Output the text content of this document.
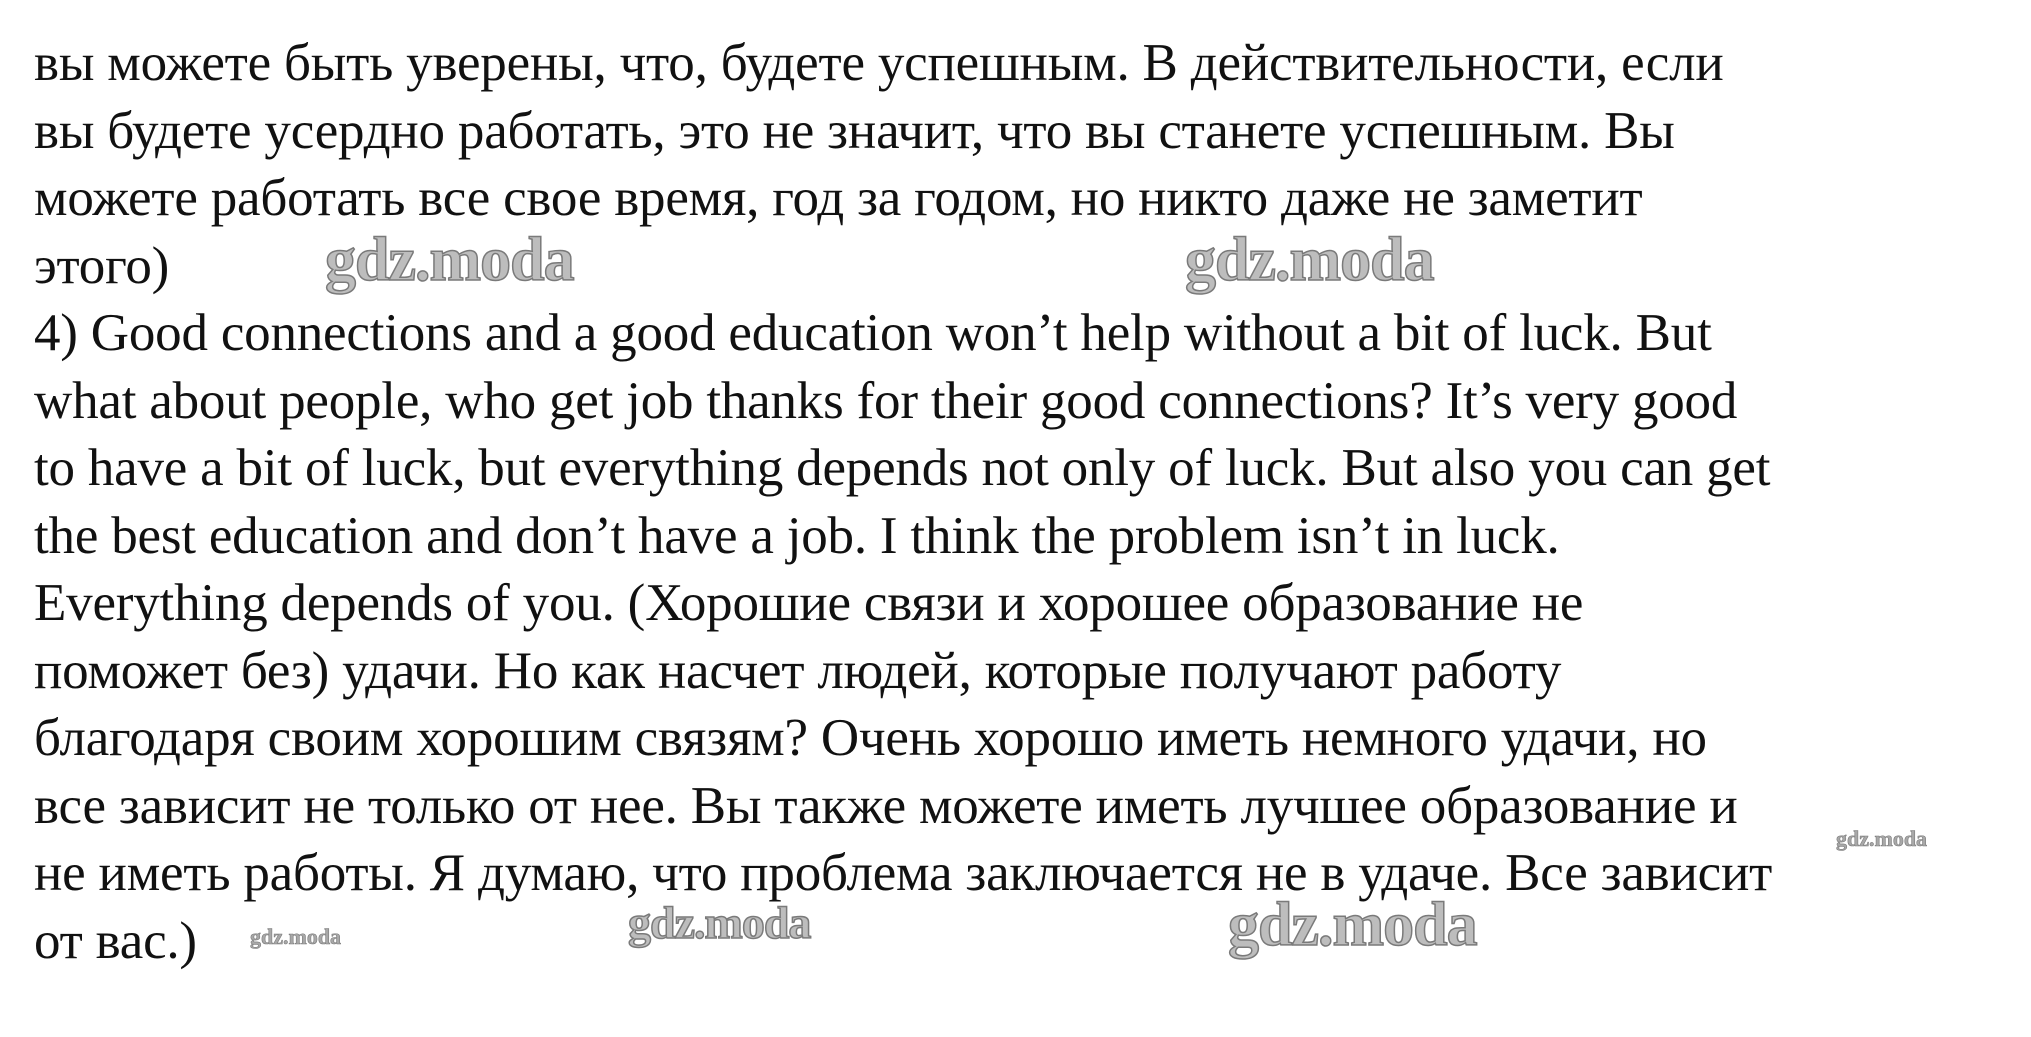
вы можете быть уверены, что, будете успешным. В действительности, если
вы будете усердно работать, это не значит, что вы станете успешным. Вы
можете работать все свое время, год за годом, но никто даже не заметит
этого)
4) Good connections and a good education won’t help without a bit of luck. But
what about people, who get job thanks for their good connections? It’s very good
to have a bit of luck, but everything depends not only of luck. But also you can get
the best education and don’t have a job. I think the problem isn’t in luck.
Everything depends of you. (Хорошие связи и хорошее образование не
поможет без) удачи. Но как насчет людей, которые получают работу
благодаря своим хорошим связям? Очень хорошо иметь немного удачи, но
все зависит не только от нее. Вы также можете иметь лучшее образование и
не иметь работы. Я думаю, что проблема заключается не в удаче. Все зависит
от вас.)
gdz.moda	gdz.moda
gdz.moda	gdz.moda
gdz.moda
gdz.moda
